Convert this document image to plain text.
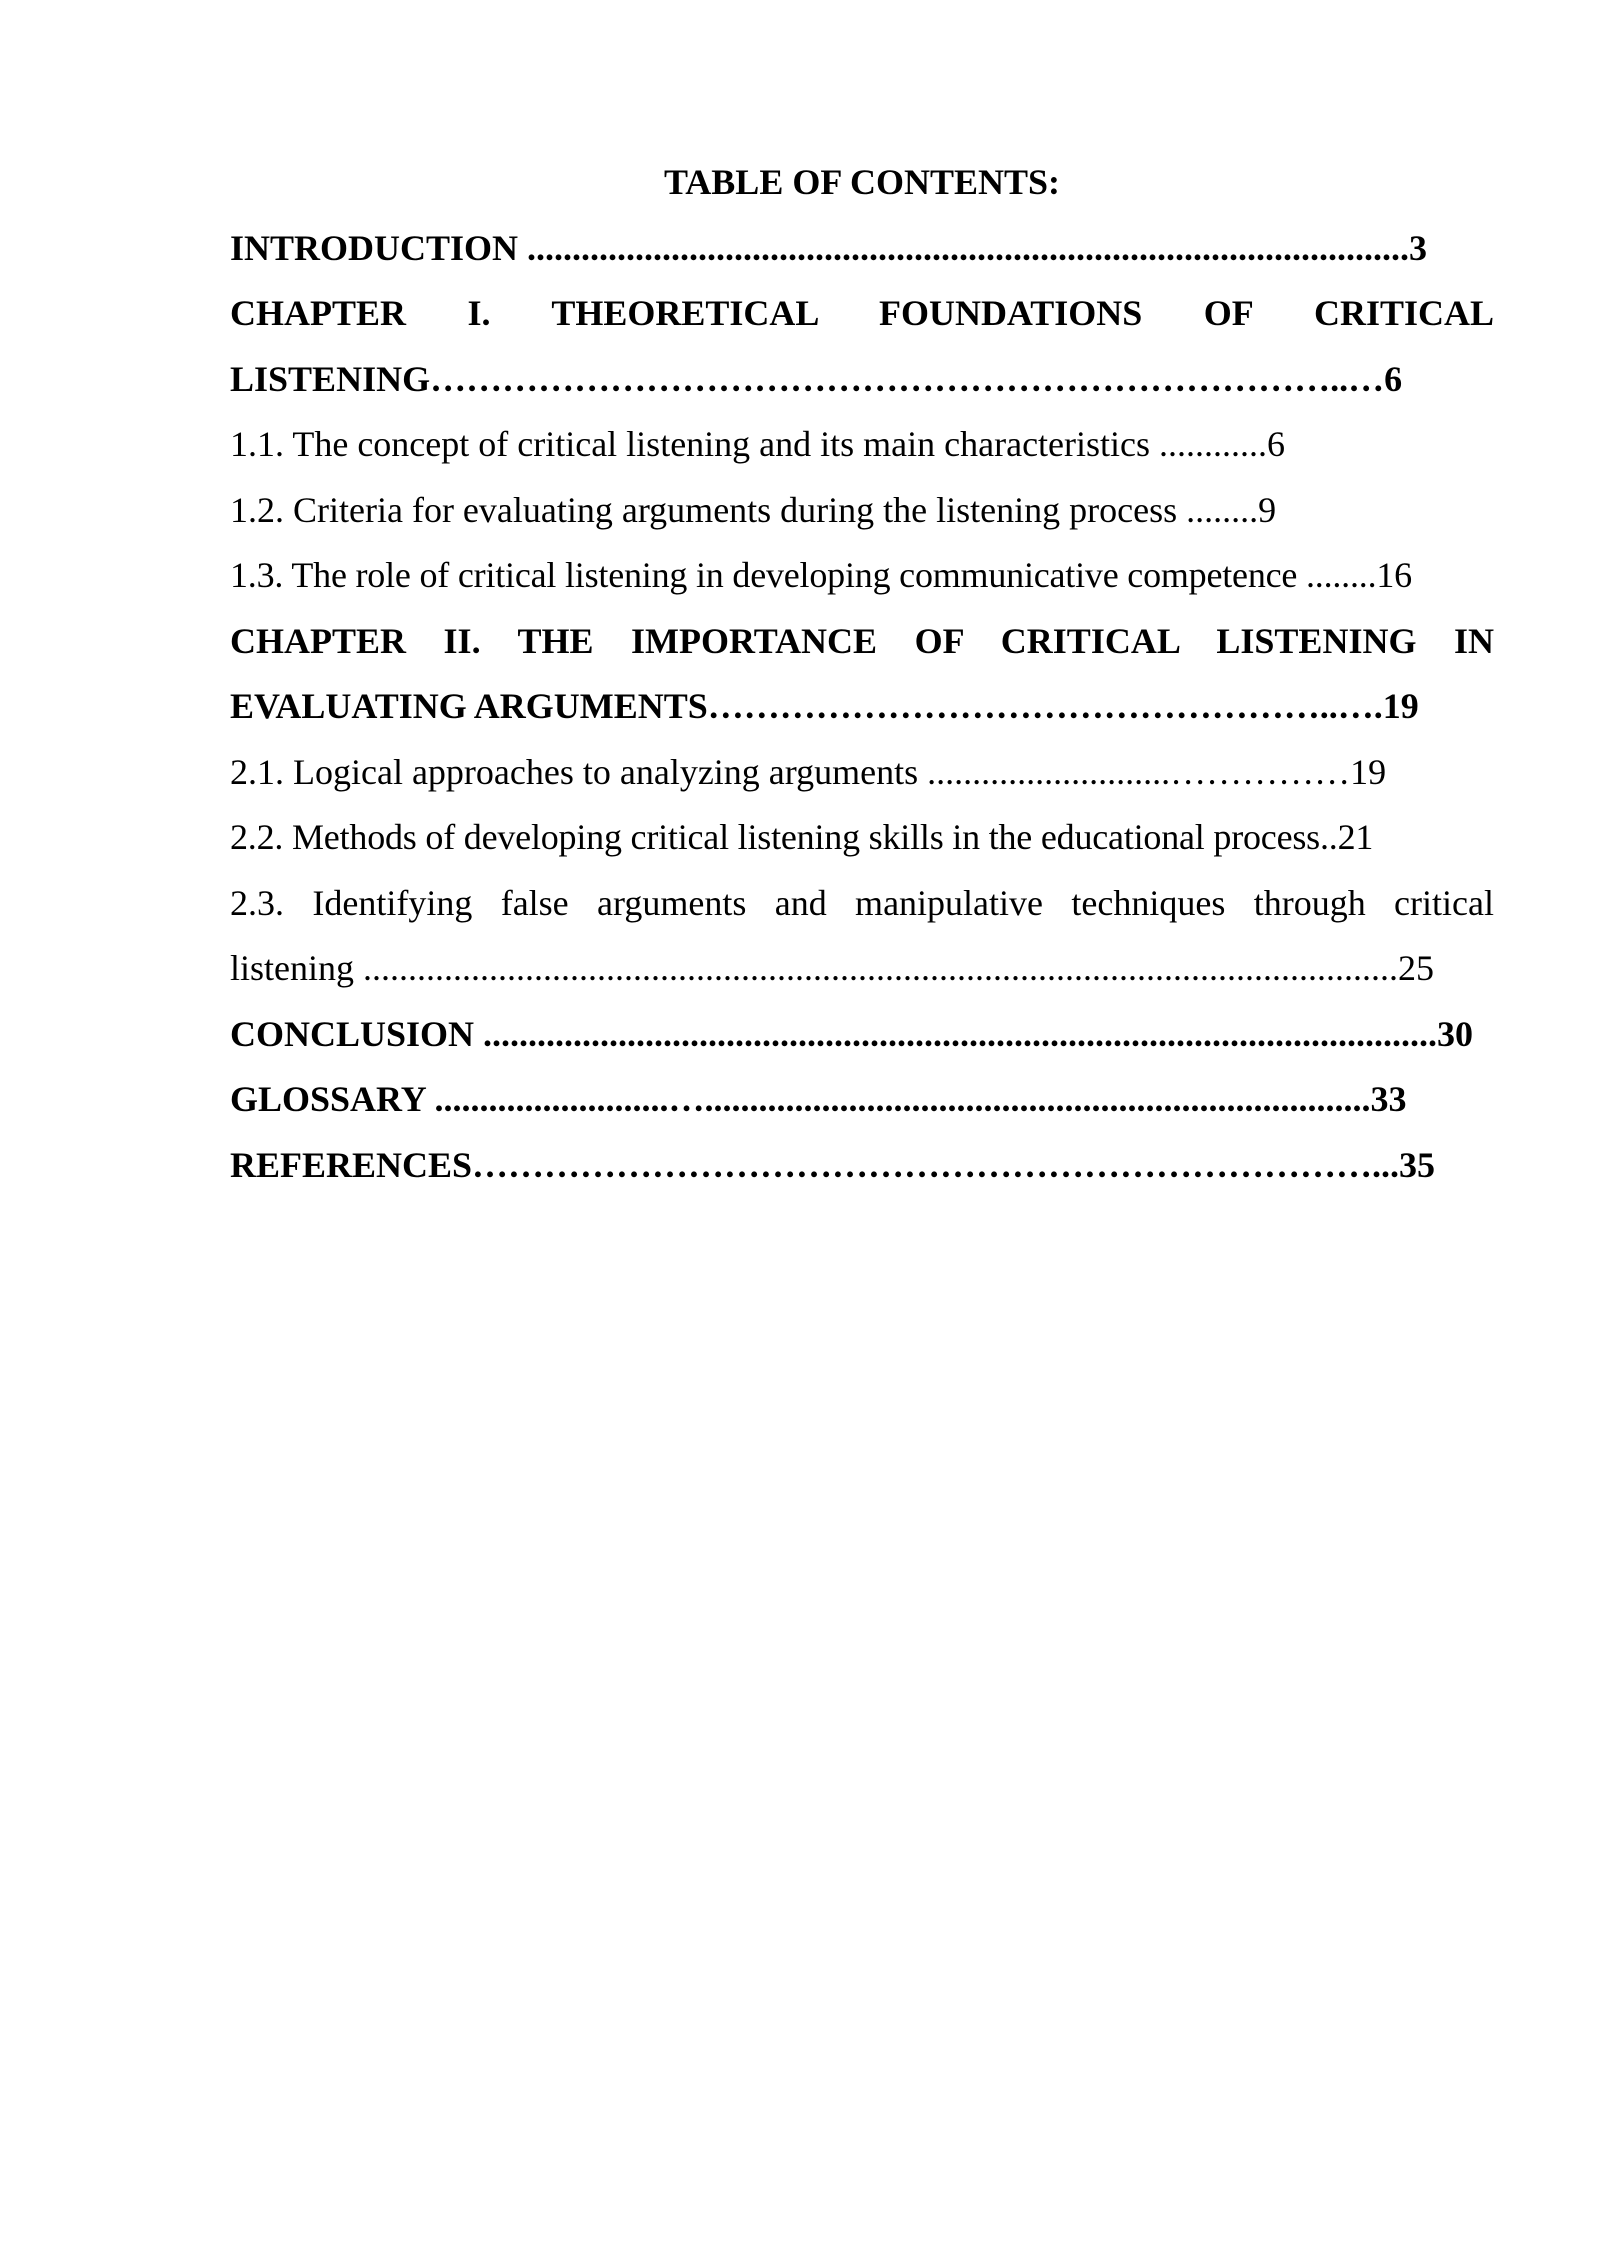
TABLE OF CONTENTS:

INTRODUCTION ..................................................................................................3

CHAPTER I. THEORETICAL FOUNDATIONS OF CRITICAL

LISTENING…………………………………………………………………..…6

1.1. The concept of critical listening and its main characteristics ............6

1.2. Criteria for evaluating arguments during the listening process ........9

1.3. The role of critical listening in developing communicative competence ........16

CHAPTER II. THE IMPORTANCE OF CRITICAL LISTENING IN

EVALUATING ARGUMENTS……………………………………………..….19

2.1. Logical approaches to analyzing arguments ...........................……………19

2.2. Methods of developing critical listening skills in the educational process..21

2.3. Identifying false arguments and manipulative techniques through critical

listening ...................................................................................................................25

CONCLUSION ..........................................................................................................30

GLOSSARY ..........................…..........................................................................33

REFERENCES…………………………………………………………………...35
